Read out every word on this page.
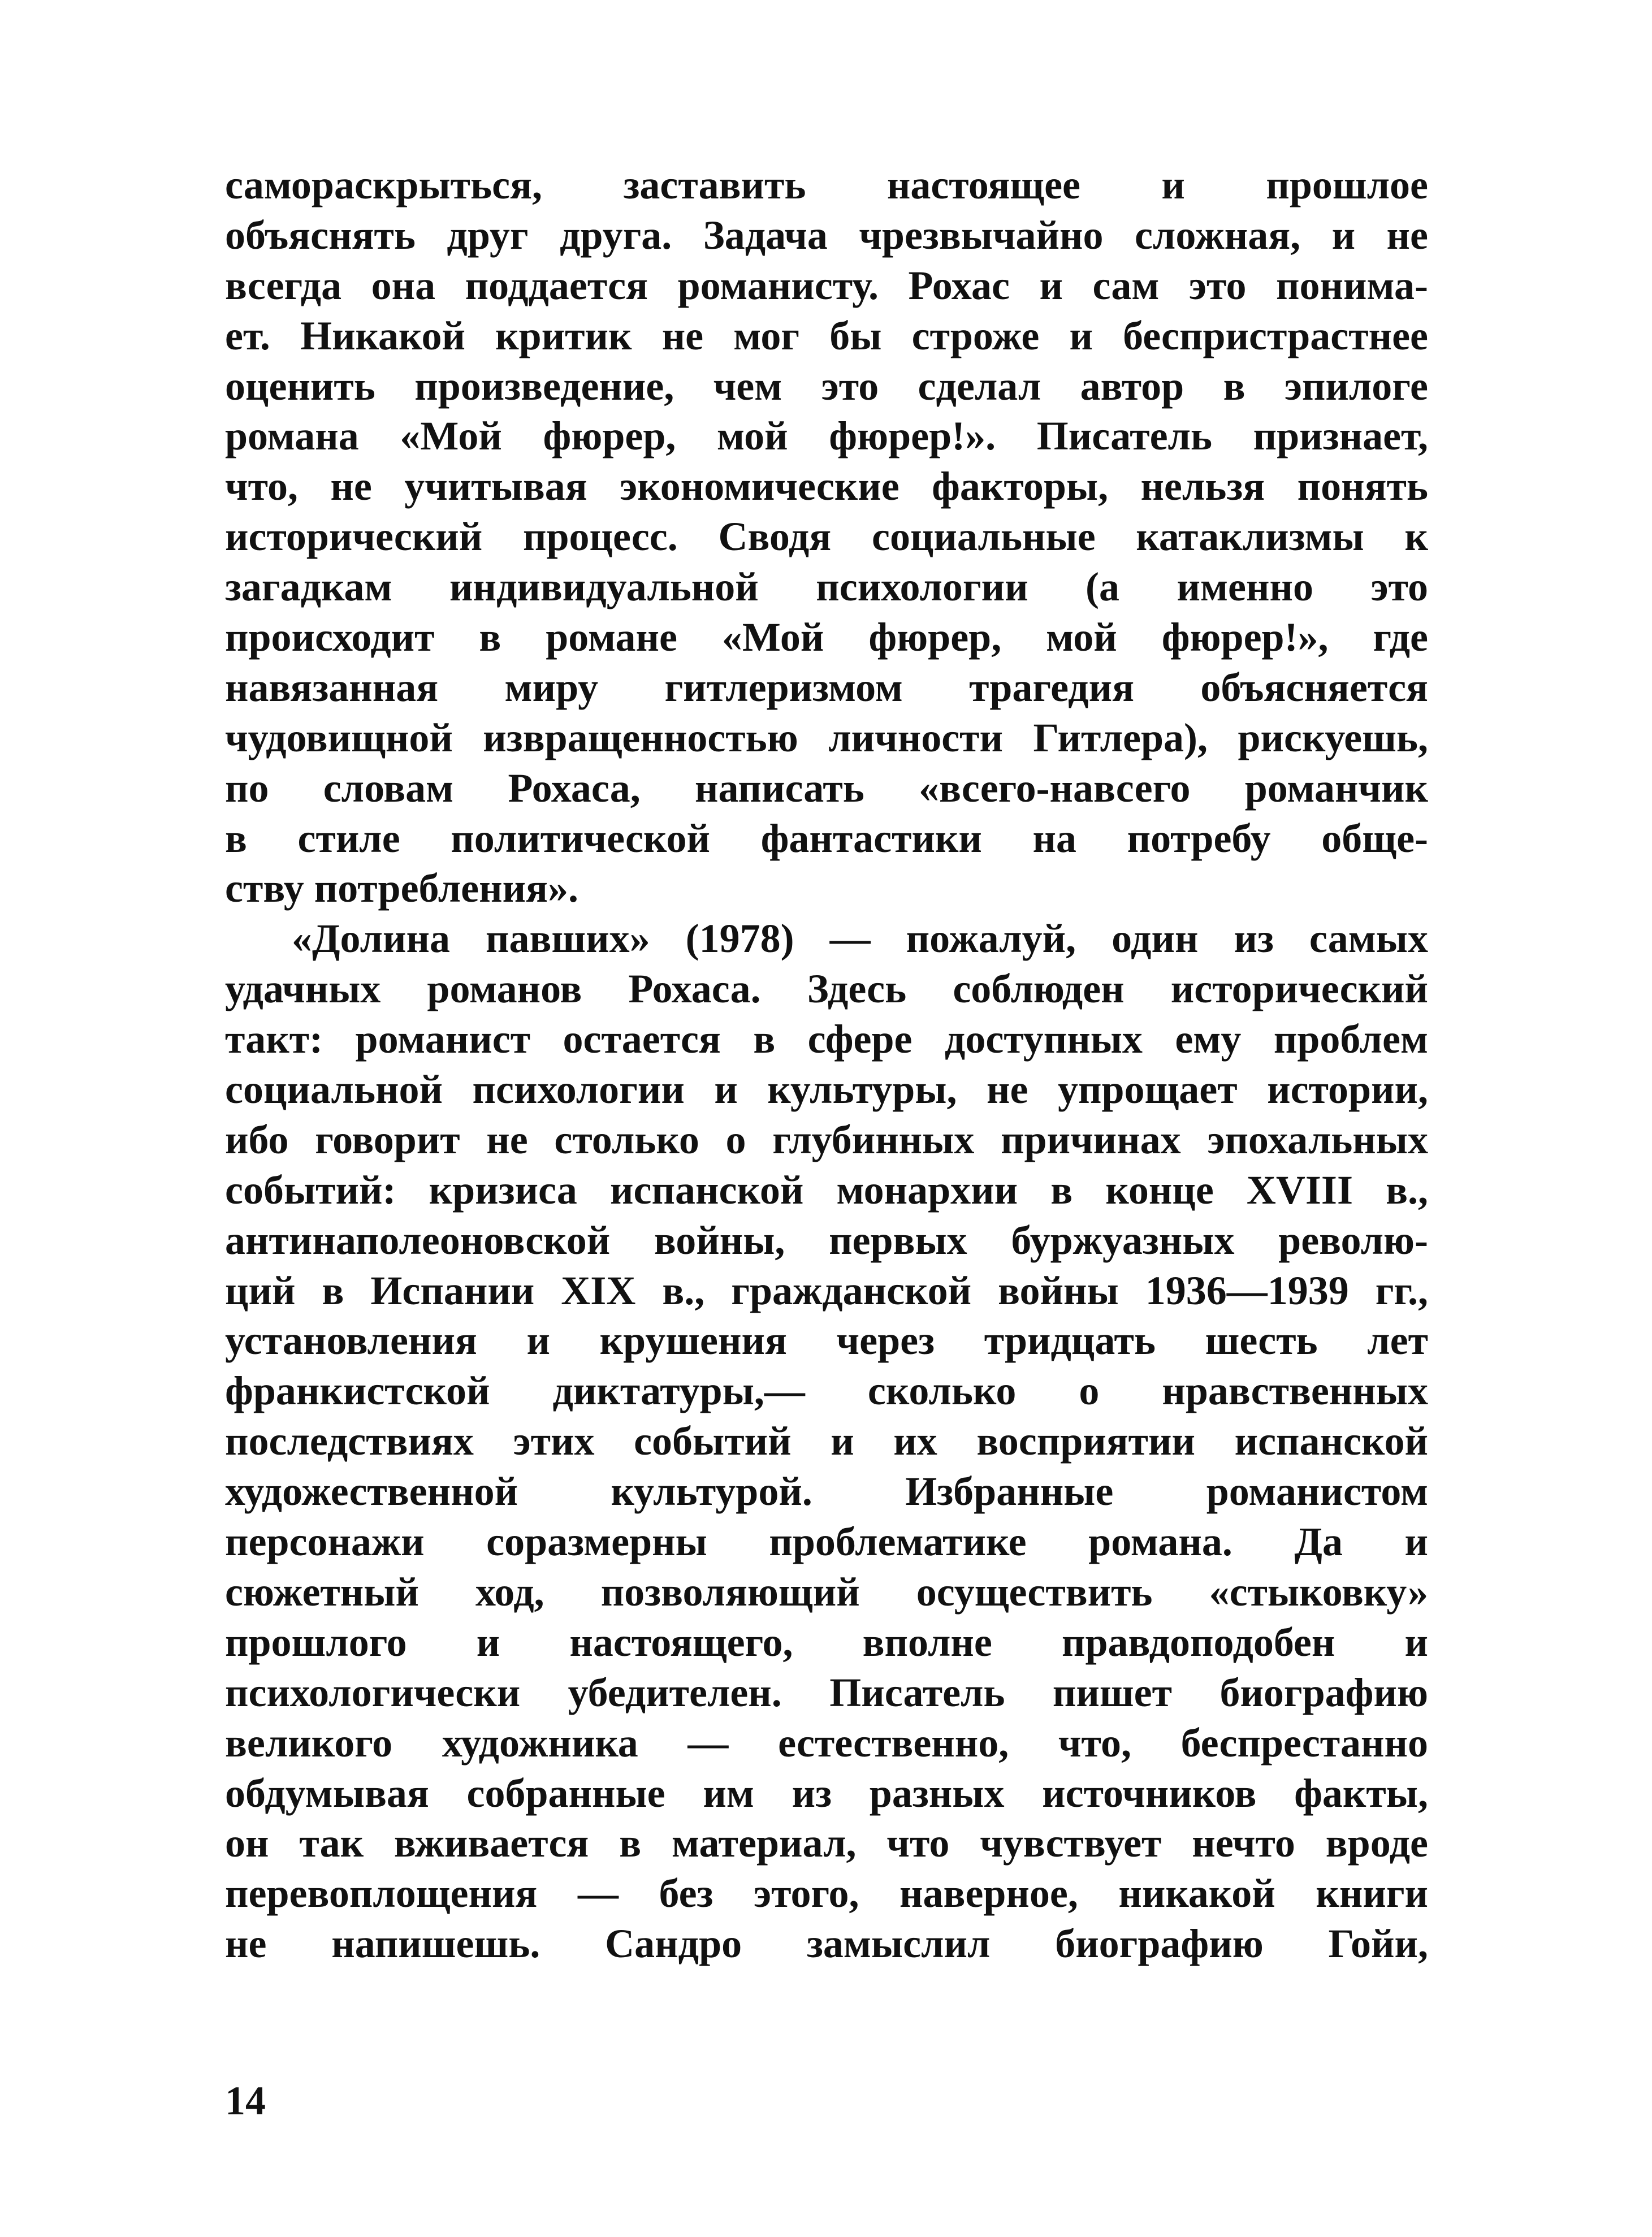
самораскрыться, заставить настоящее и прошлое
объяснять друг друга. Задача чрезвычайно сложная, и не
всегда она поддается романисту. Рохас и сам это понима-
ет. Никакой критик не мог бы строже и беспристрастнее
оценить произведение, чем это сделал автор в эпилоге
романа «Мой фюрер, мой фюрер!». Писатель признает,
что, не учитывая экономические факторы, нельзя понять
исторический процесс. Сводя социальные катаклизмы к
загадкам индивидуальной психологии (а именно это
происходит в романе «Мой фюрер, мой фюрер!», где
навязанная миру гитлеризмом трагедия объясняется
чудовищной извращенностью личности Гитлера), рискуешь,
по словам Рохаса, написать «всего-навсего романчик
в стиле политической фантастики на потребу обще-
ству потребления».
«Долина павших» (1978) — пожалуй, один из самых
удачных романов Рохаса. Здесь соблюден исторический
такт: романист остается в сфере доступных ему проблем
социальной психологии и культуры, не упрощает истории,
ибо говорит не столько о глубинных причинах эпохальных
событий: кризиса испанской монархии в конце XVIII в.,
антинаполеоновской войны, первых буржуазных револю-
ций в Испании XIX в., гражданской войны 1936—1939 гг.,
установления и крушения через тридцать шесть лет
франкистской диктатуры,— сколько о нравственных
последствиях этих событий и их восприятии испанской
художественной культурой. Избранные романистом
персонажи соразмерны проблематике романа. Да и
сюжетный ход, позволяющий осуществить «стыковку»
прошлого и настоящего, вполне правдоподобен и
психологически убедителен. Писатель пишет биографию
великого художника — естественно, что, беспрестанно
обдумывая собранные им из разных источников факты,
он так вживается в материал, что чувствует нечто вроде
перевоплощения — без этого, наверное, никакой книги
не напишешь. Сандро замыслил биографию Гойи,
14
